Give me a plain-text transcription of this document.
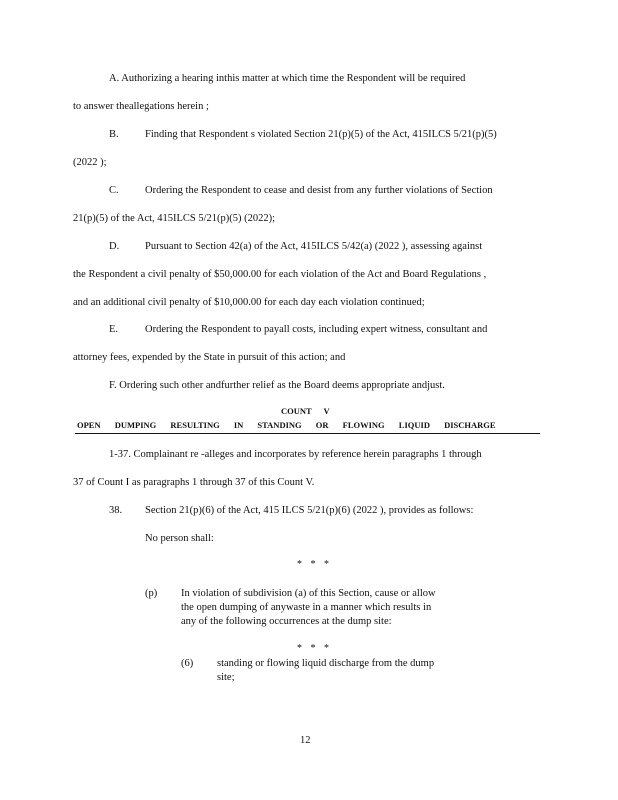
A. Authorizing a hearing inthis matter at which time the Respondent will be required
to answer theallegations herein ;
B.	Finding that Respondent s violated Section 21(p)(5) of the Act, 415ILCS 5/21(p)(5)
(2022 );
C.	Ordering the Respondent to cease and desist from any further violations of Section
21(p)(5) of the Act, 415ILCS 5/21(p)(5) (2022);
D. Pursuant to Section 42(a) of the Act, 415ILCS 5/42(a) (2022 ), assessing against
the Respondent a civil penalty of $50,000.00 for each violation of the Act and Board Regulations ,
and an additional civil penalty of $10,000.00 for each day each violation continued;
E.	Ordering the Respondent to payall costs, including expert witness, consultant and
attorney fees, expended by the State in pursuit of this action; and
F. Ordering such other andfurther relief as the Board deems appropriate andjust.
COUNT V
OPEN DUMPING RESULTING IN STANDING OR FLOWING LIQUID DISCHARGE
1-37. Complainant re -alleges and incorporates by reference herein paragraphs 1 through
37 of Count I as paragraphs 1 through 37 of this Count V.
38. Section 21(p)(6) of the Act, 415 ILCS 5/21(p)(6) (2022 ), provides as follows:
No person shall:
* * *
(p) In violation of subdivision (a) of this Section, cause or allow
the open dumping of anywaste in a manner which results in
any of the following occurrences at the dump site:
* * *
(6) standing or flowing liquid discharge from the dump
site;
12
